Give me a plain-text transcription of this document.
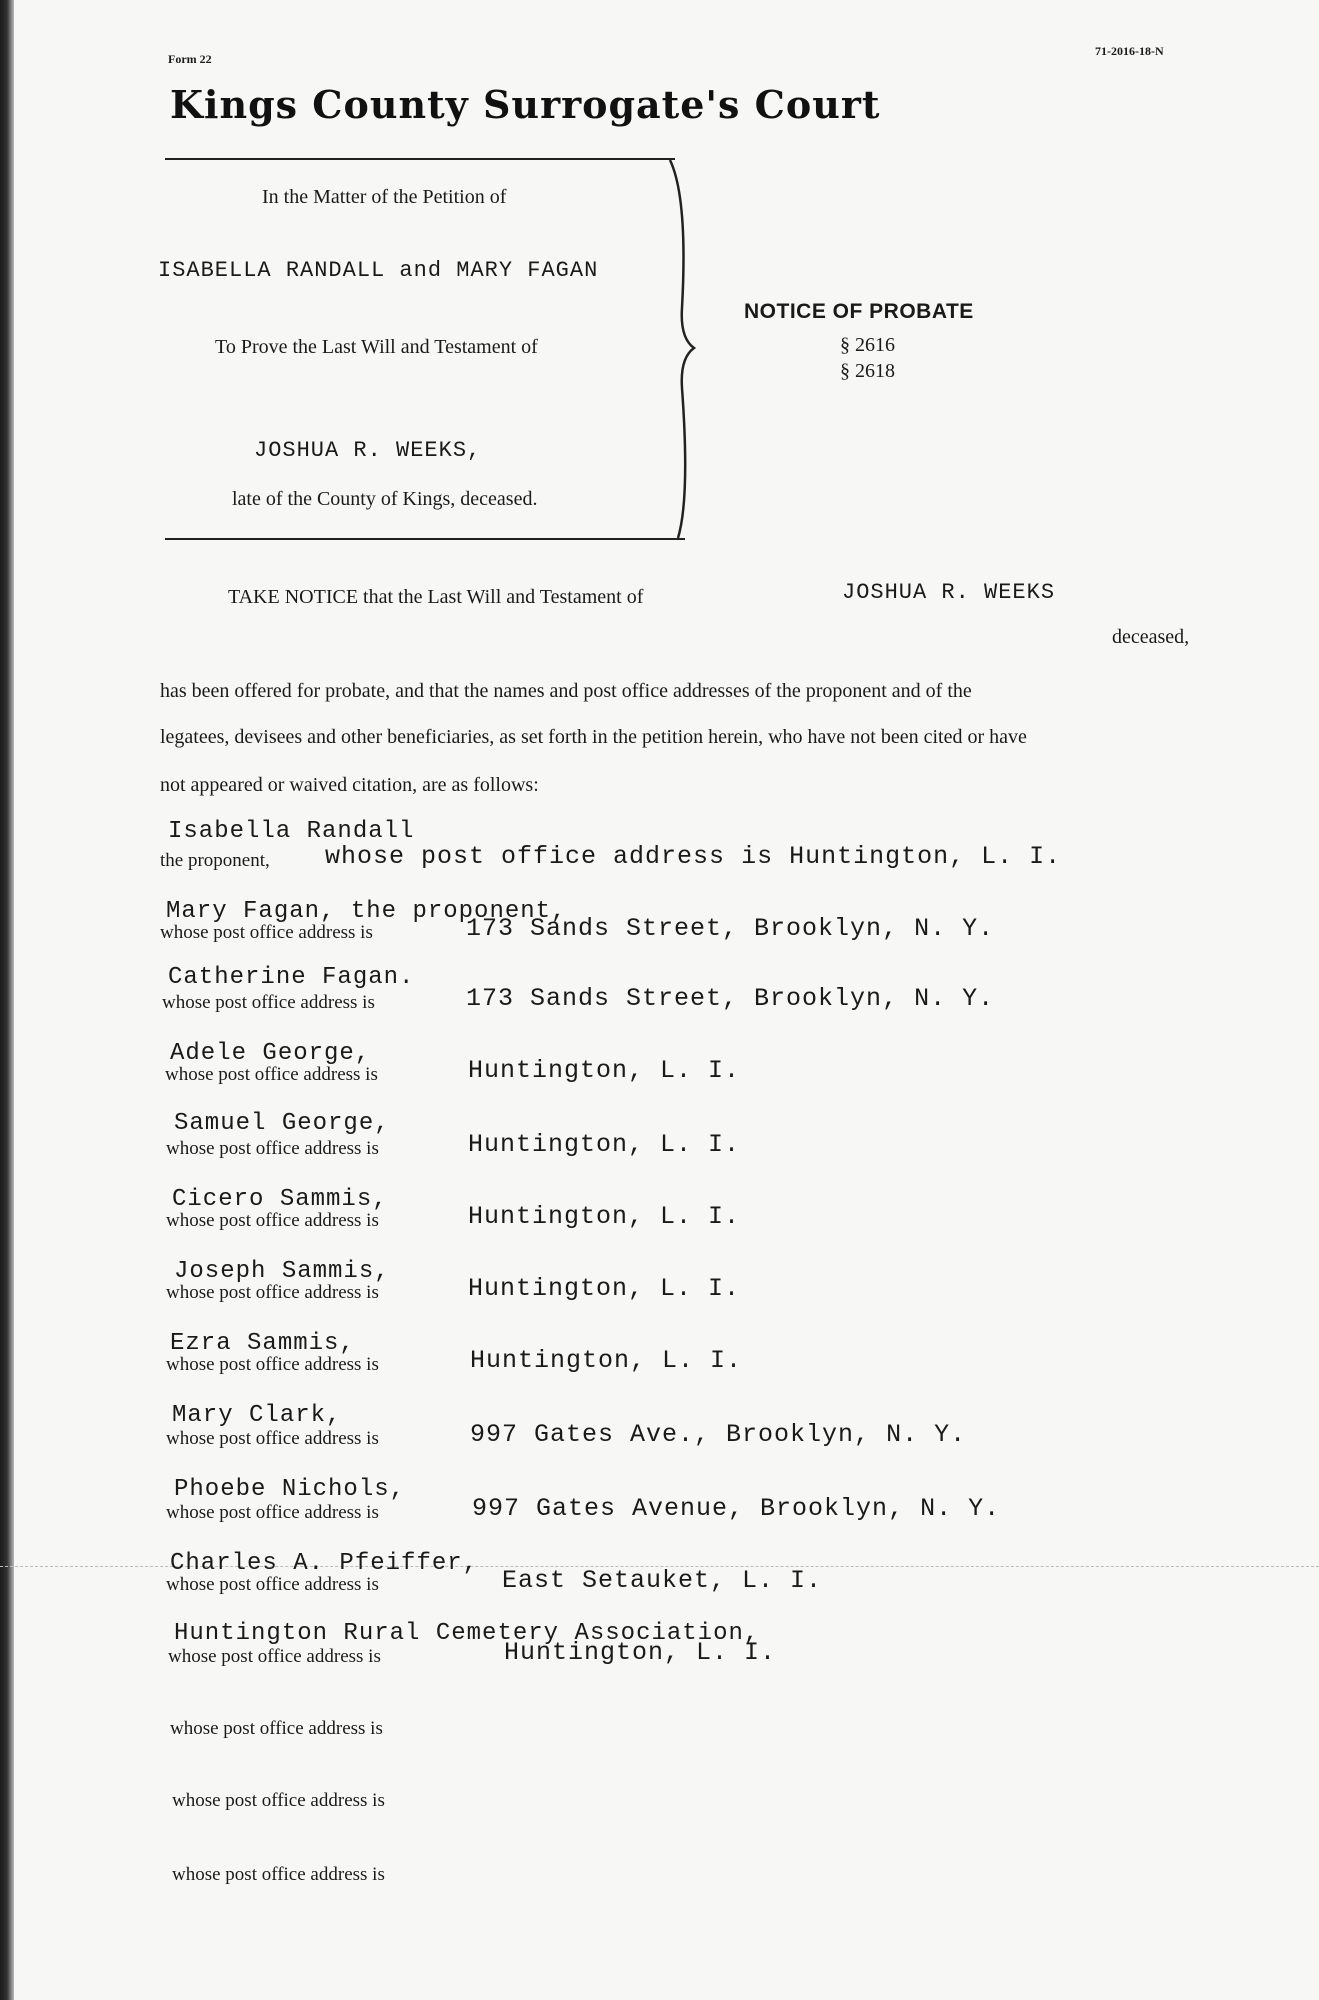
Form 22
71-2016-18-N
Kings County Surrogate's Court
In the Matter of the Petition of
ISABELLA RANDALL and MARY FAGAN
To Prove the Last Will and Testament of
JOSHUA R. WEEKS,
late of the County of Kings, deceased.
NOTICE OF PROBATE
§ 2616
§ 2618
TAKE NOTICE that the Last Will and Testament of	JOSHUA R. WEEKS
deceased,
has been offered for probate, and that the names and post office addresses of the proponent and of the
legatees, devisees and other beneficiaries, as set forth in the petition herein, who have not been cited or have
not appeared or waived citation, are as follows:
Isabella Randall
the proponent, whose post office address is Huntington, L. I.
Mary Fagan, the proponent,
whose post office address is	173 Sands Street, Brooklyn, N. Y.
Catherine Fagan.
whose post office address is	173 Sands Street, Brooklyn, N. Y.
Adele George,
whose post office address is	Huntington, L. I.
Samuel George,
whose post office address is	Huntington, L. I.
Cicero Sammis,
whose post office address is	Huntington, L. I.
Joseph Sammis,
whose post office address is	Huntington, L. I.
Ezra Sammis,
whose post office address is	Huntington, L. I.
Mary Clark,
whose post office address is	997 Gates Ave., Brooklyn, N. Y.
Phoebe Nichols,
whose post office address is	997 Gates Avenue, Brooklyn, N. Y.
Charles A. Pfeiffer,
whose post office address is	East Setauket, L. I.
Huntington Rural Cemetery Association,
whose post office address is	Huntington, L. I.
whose post office address is
whose post office address is
whose post office address is
